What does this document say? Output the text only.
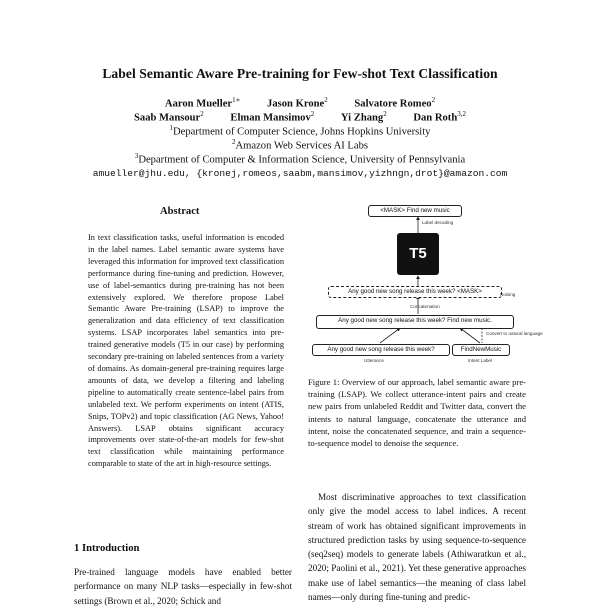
Label Semantic Aware Pre-training for Few-shot Text Classification
Aaron Mueller$^{1∗}$	Jason Krone$^2$	Salvatore Romeo$^2$
Saab Mansour$^2$	Elman Mansimov$^2$	Yi Zhang$^2$	Dan Roth$^{3,2}$
$^1$Department of Computer Science, Johns Hopkins University
$^2$Amazon Web Services AI Labs
$^3$Department of Computer & Information Science, University of Pennsylvania
amueller@jhu.edu, {kronej,romeos,saabm,mansimov,yizhngn,drot}@amazon.com
Abstract
In text classification tasks, useful information is encoded in the label names. Label semantic aware systems have leveraged this information for improved text classification performance during fine-tuning and prediction. However, use of label-semantics during pre-training has not been extensively explored. We therefore propose Label Semantic Aware Pre-training (LSAP) to improve the generalization and data efficiency of text classification systems. LSAP incorporates label semantics into pre-trained generative models (T5 in our case) by performing secondary pre-training on labeled sentences from a variety of domains. As domain-general pre-training requires large amounts of data, we develop a filtering and labeling pipeline to automatically create sentence-label pairs from unlabeled text. We perform experiments on intent (ATIS, Snips, TOPv2) and topic classification (AG News, Yahoo! Answers). LSAP obtains significant accuracy improvements over state-of-the-art models for few-shot text classification while maintaining performance comparable to state of the art in high-resource settings.
1 Introduction
Pre-trained language models have enabled better performance on many NLP tasks—especially in few-shot settings (Brown et al., 2020; Schick and
<MASK> Find new music
Label decoding
T5
Any good new song release this week? <MASK>	Noising
Concatenation
Any good new song release this week? Find new music.
Convert to natural language
Any good new song release this week?	FindNewMusic
Utterance	Intent Label
Figure 1: Overview of our approach, label semantic aware pre-training (LSAP). We collect utterance-intent pairs and create new pairs from unlabeled Reddit and Twitter data, convert the intents to natural language, concatenate the utterance and intent, noise the concatenated sequence, and train a sequence-to-sequence model to denoise the sequence.
Most discriminative approaches to text classification only give the model access to label indices. A recent stream of work has obtained significant improvements in structured prediction tasks by using sequence-to-sequence (seq2seq) models to generate labels (Athiwaratkun et al., 2020; Paolini et al., 2021). Yet these generative approaches make use of label semantics—the meaning of class label names—only during fine-tuning and predic-
